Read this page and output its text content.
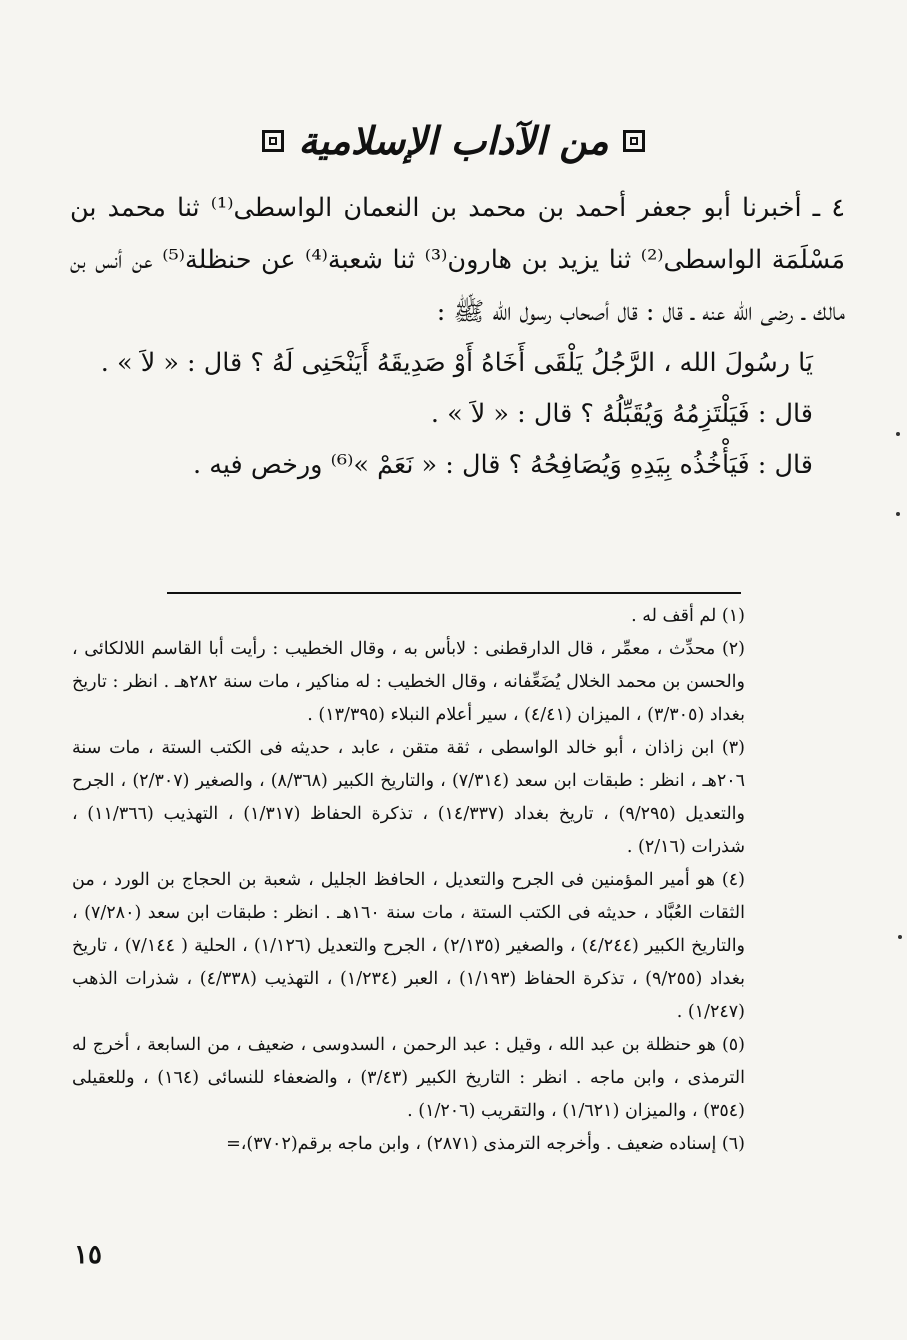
من الآداب الإسلامية

٤ ـ أخبرنا أبو جعفر أحمد بن محمد بن النعمان الواسطى⁽¹⁾ ثنا محمد بن مَسْلَمَة الواسطى⁽²⁾ ثنا يزيد بن هارون⁽³⁾ ثنا شعبة⁽⁴⁾ عن حنظلة⁽⁵⁾ عن أنس بن مالك ـ رضى الله عنه ـ قال : قال أصحاب رسول الله ﷺ :

يَا رسُولَ الله ، الرَّجُلُ يَلْقَى أَخَاهُ أَوْ صَدِيقَهُ أَيَنْحَنِى لَهُ ؟ قال : « لاَ » .

قال : فَيَلْتَزِمُهُ وَيُقَبِّلُهُ ؟ قال : « لاَ » .

قال : فَيَأْخُذُه بِيَدِهِ وَيُصَافِحُهُ ؟ قال : « نَعَمْ »⁽⁶⁾ ورخص فيه .

(١) لم أقف له .

(٢) محدِّث ، معمِّر ، قال الدارقطنى : لابأس به ، وقال الخطيب : رأيت أبا القاسم اللالكائى ، والحسن بن محمد الخلال يُضَعِّفانه ، وقال الخطيب : له مناكير ، مات سنة ٢٨٢هـ . انظر : تاريخ بغداد (٣/٣٠٥) ، الميزان (٤/٤١) ، سير أعلام النبلاء (١٣/٣٩٥) .

(٣) ابن زاذان ، أبو خالد الواسطى ، ثقة متقن ، عابد ، حديثه فى الكتب الستة ، مات سنة ٢٠٦هـ ، انظر : طبقات ابن سعد (٧/٣١٤) ، والتاريخ الكبير (٨/٣٦٨) ، والصغير (٢/٣٠٧) ، الجرح والتعديل (٩/٢٩٥) ، تاريخ بغداد (١٤/٣٣٧) ، تذكرة الحفاظ (١/٣١٧) ، التهذيب (١١/٣٦٦) ، شذرات (٢/١٦) .

(٤) هو أمير المؤمنين فى الجرح والتعديل ، الحافظ الجليل ، شعبة بن الحجاج بن الورد ، من الثقات العُبَّاد ، حديثه فى الكتب الستة ، مات سنة ١٦٠هـ . انظر : طبقات ابن سعد (٧/٢٨٠) ، والتاريخ الكبير (٤/٢٤٤) ، والصغير (٢/١٣٥) ، الجرح والتعديل (١/١٢٦) ، الحلية ( ٧/١٤٤) ، تاريخ بغداد (٩/٢٥٥) ، تذكرة الحفاظ (١/١٩٣) ، العبر (١/٢٣٤) ، التهذيب (٤/٣٣٨) ، شذرات الذهب (١/٢٤٧) .

(٥) هو حنظلة بن عبد الله ، وقيل : عبد الرحمن ، السدوسى ، ضعيف ، من السابعة ، أخرج له الترمذى ، وابن ماجه . انظر : التاريخ الكبير (٣/٤٣) ، والضعفاء للنسائى (١٦٤) ، وللعقيلى (٣٥٤) ، والميزان (١/٦٢١) ، والتقريب (١/٢٠٦) .

(٦) إسناده ضعيف . وأخرجه الترمذى (٢٨٧١) ، وابن ماجه برقم(٣٧٠٢)،=

١٥
